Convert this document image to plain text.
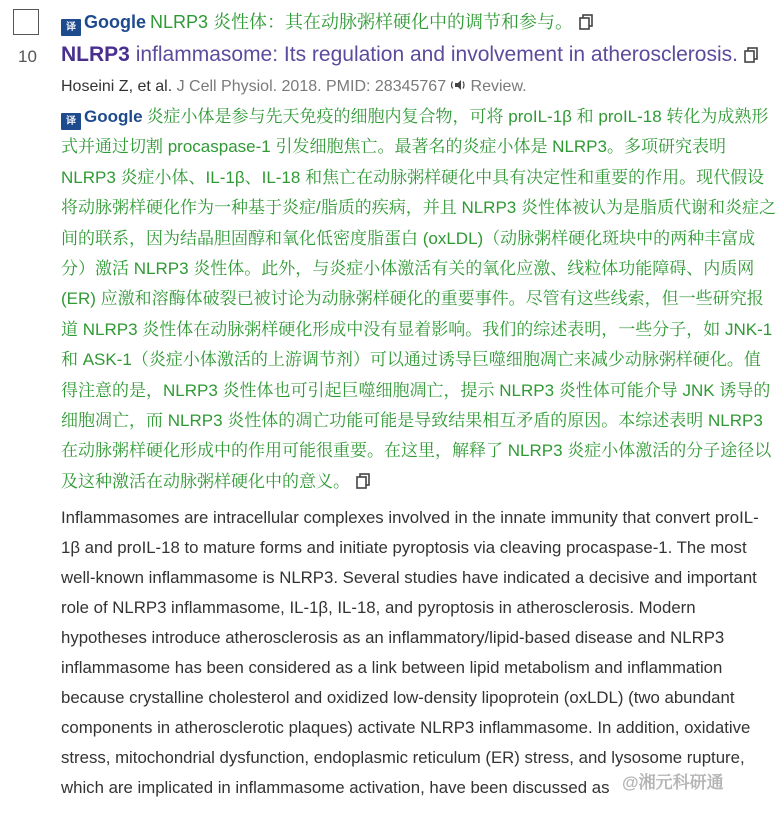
10
译 Google NLRP3 炎性体：其在动脉粥样硬化中的调节和参与。
NLRP3 inflammasome: Its regulation and involvement in atherosclerosis.
Hoseini Z, et al. J Cell Physiol. 2018. PMID: 28345767 Review.
译 Google 炎症小体是参与先天免疫的细胞内复合物，可将 proIL-1β 和 proIL-18 转化为成熟形式并通过切割 procaspase-1 引发细胞焦亡。最著名的炎症小体是 NLRP3。多项研究表明 NLRP3 炎症小体、IL-1β、IL-18 和焦亡在动脉粥样硬化中具有决定性和重要的作用。现代假设将动脉粥样硬化作为一种基于炎症/脂质的疾病，并且 NLRP3 炎性体被认为是脂质代谢和炎症之间的联系，因为结晶胆固醇和氧化低密度脂蛋白 (oxLDL)（动脉粥样硬化斑块中的两种丰富成分）激活 NLRP3 炎性体。此外，与炎症小体激活有关的氧化应激、线粒体功能障碍、内质网 (ER) 应激和溶酶体破裂已被讨论为动脉粥样硬化的重要事件。尽管有这些线索，但一些研究报道 NLRP3 炎性体在动脉粥样硬化形成中没有显着影响。我们的综述表明，一些分子，如 JNK-1 和 ASK-1（炎症小体激活的上游调节剂）可以通过诱导巨噬细胞凋亡来减少动脉粥样硬化。值得注意的是，NLRP3 炎性体也可引起巨噬细胞凋亡，提示 NLRP3 炎性体可能介导 JNK 诱导的细胞凋亡，而 NLRP3 炎性体的凋亡功能可能是导致结果相互矛盾的原因。本综述表明 NLRP3 在动脉粥样硬化形成中的作用可能很重要。在这里，解释了 NLRP3 炎症小体激活的分子途径以及这种激活在动脉粥样硬化中的意义。
Inflammasomes are intracellular complexes involved in the innate immunity that convert proIL-1β and proIL-18 to mature forms and initiate pyroptosis via cleaving procaspase-1. The most well-known inflammasome is NLRP3. Several studies have indicated a decisive and important role of NLRP3 inflammasome, IL-1β, IL-18, and pyroptosis in atherosclerosis. Modern hypotheses introduce atherosclerosis as an inflammatory/lipid-based disease and NLRP3 inflammasome has been considered as a link between lipid metabolism and inflammation because crystalline cholesterol and oxidized low-density lipoprotein (oxLDL) (two abundant components in atherosclerotic plaques) activate NLRP3 inflammasome. In addition, oxidative stress, mitochondrial dysfunction, endoplasmic reticulum (ER) stress, and lysosome rupture, which are implicated in inflammasome activation, have been discussed as @湘元科研通
